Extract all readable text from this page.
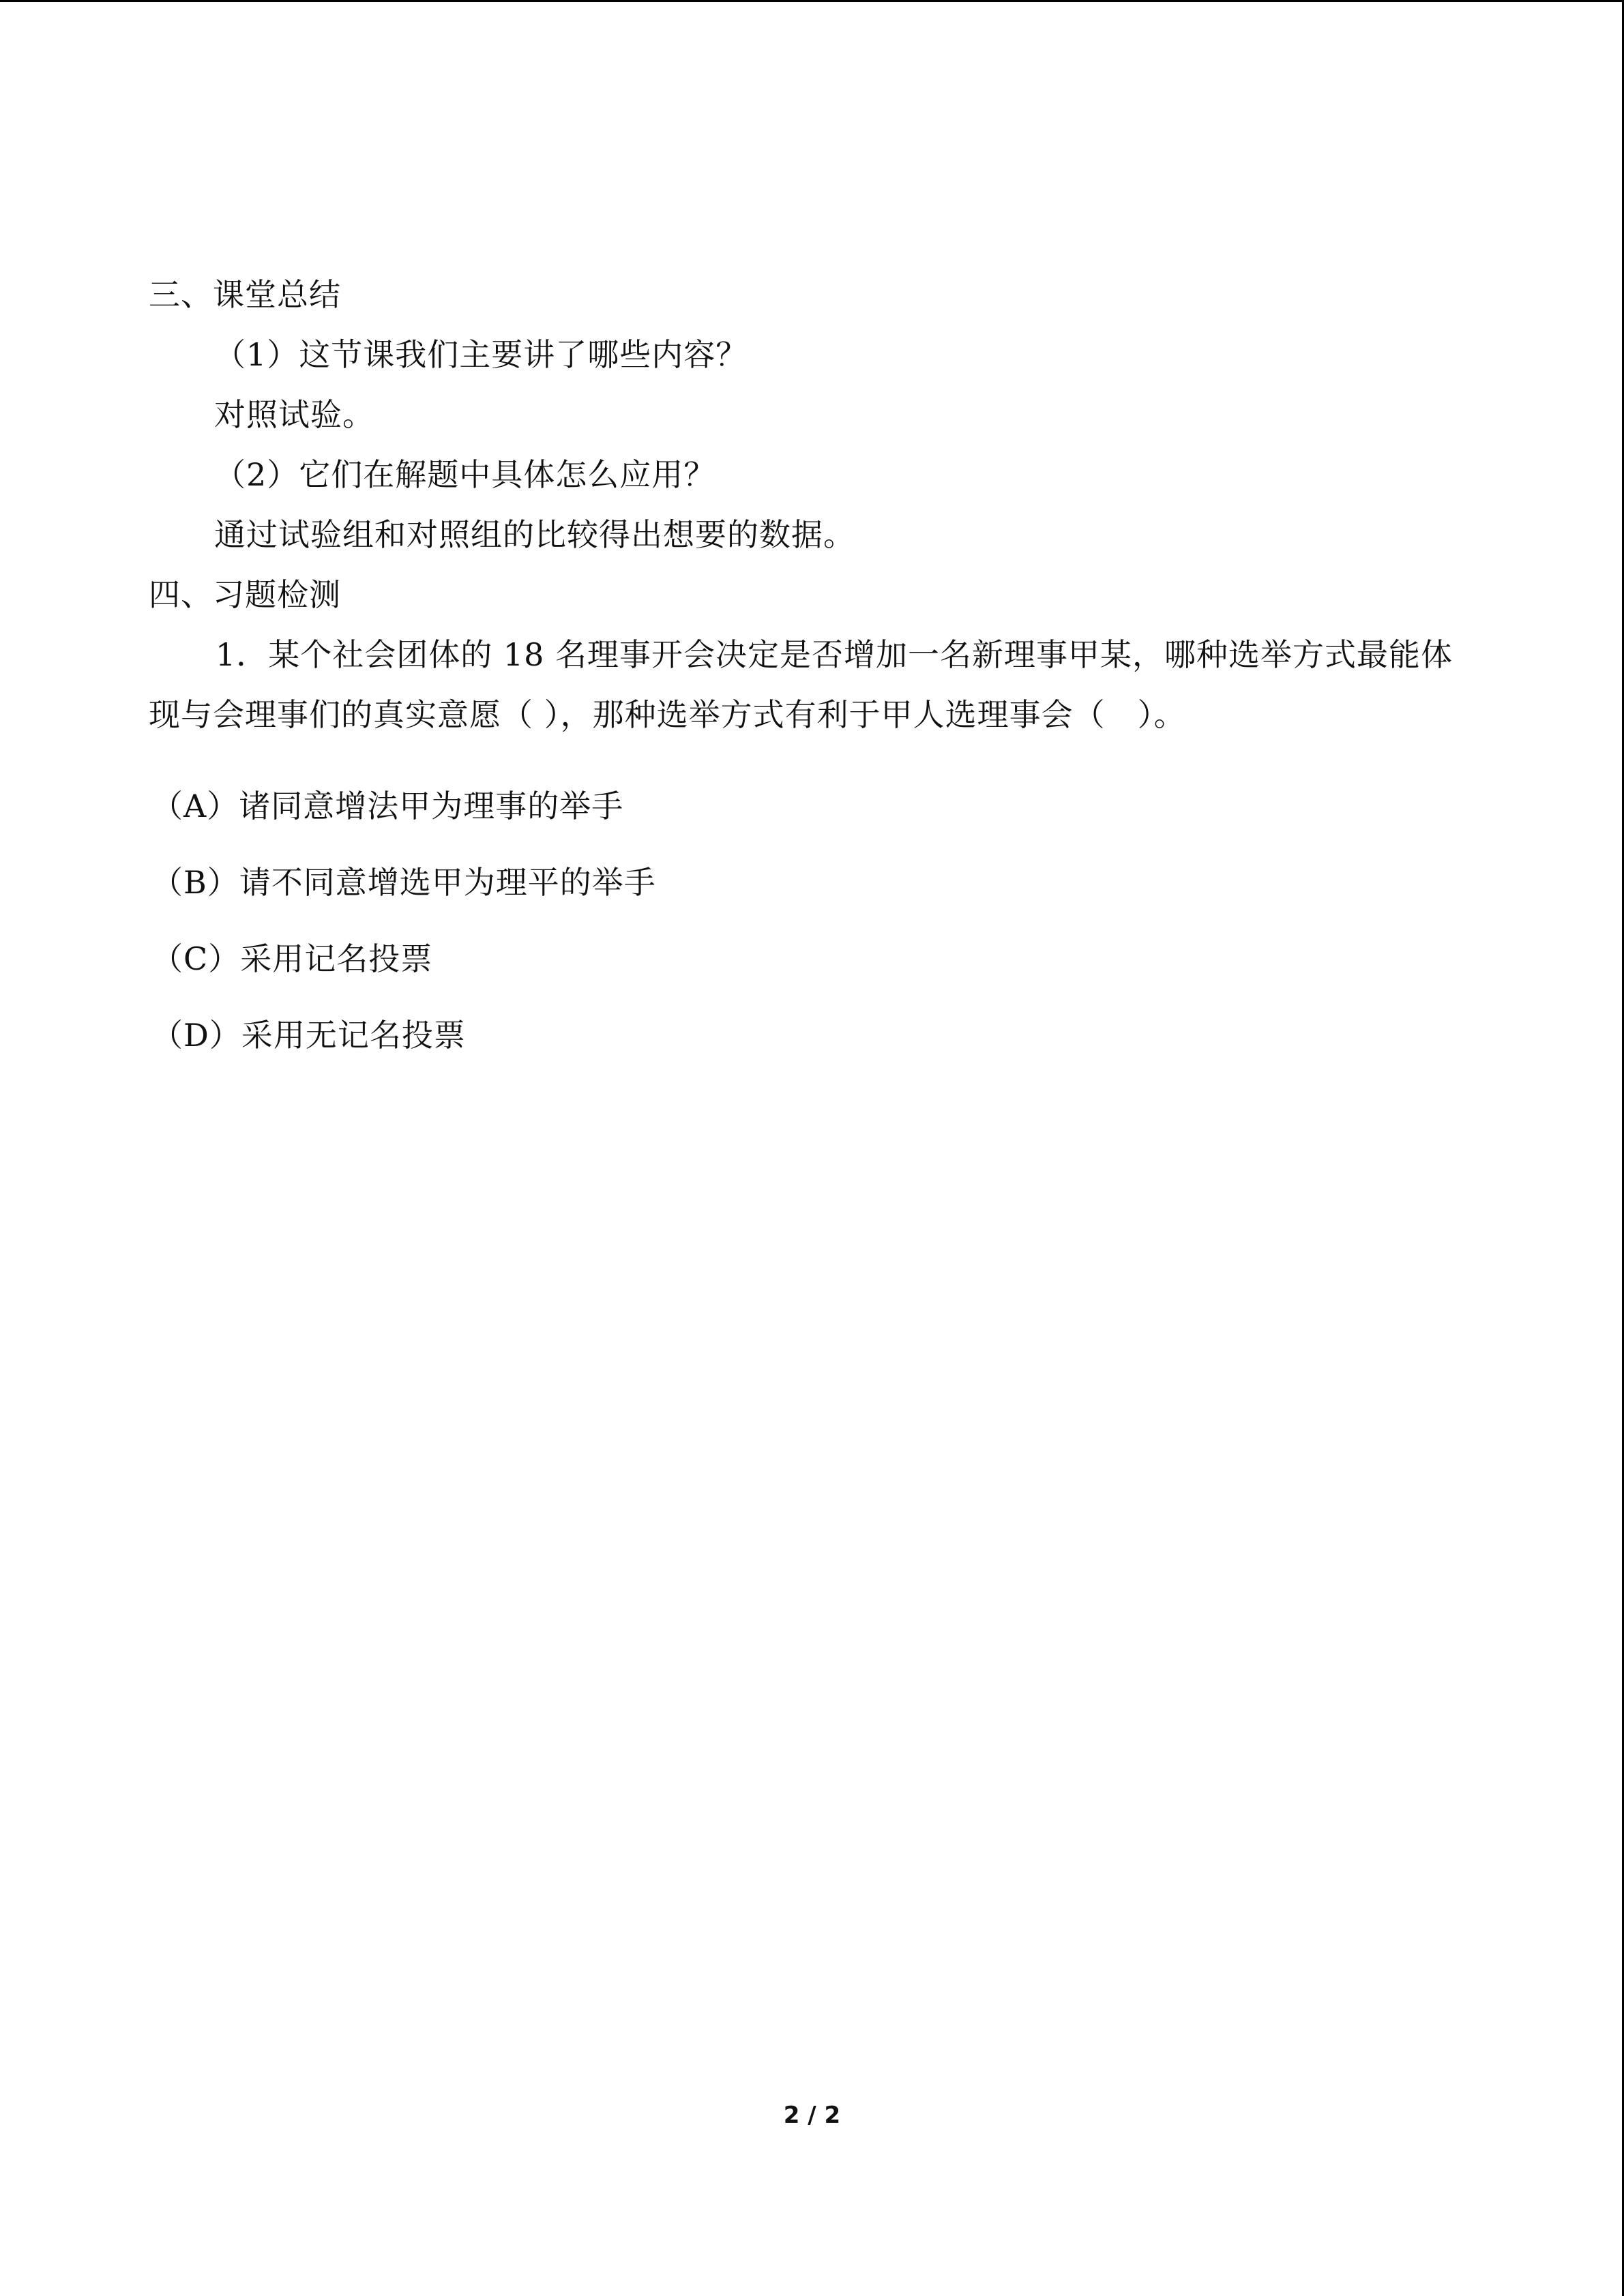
三、课堂总结
（1）这节课我们主要讲了哪些内容？
对照试验。
（2）它们在解题中具体怎么应用？
通过试验组和对照组的比较得出想要的数据。
四、习题检测

1．某个社会团体的 18 名理事开会决定是否增加一名新理事甲某，哪种选举方式最能体现与会理事们的真实意愿（ ），那种选举方式有利于甲人选理事会（　）。

（A）诸同意增法甲为理事的举手
（B）请不同意增选甲为理平的举手
（C）采用记名投票
（D）采用无记名投票
2 / 2
